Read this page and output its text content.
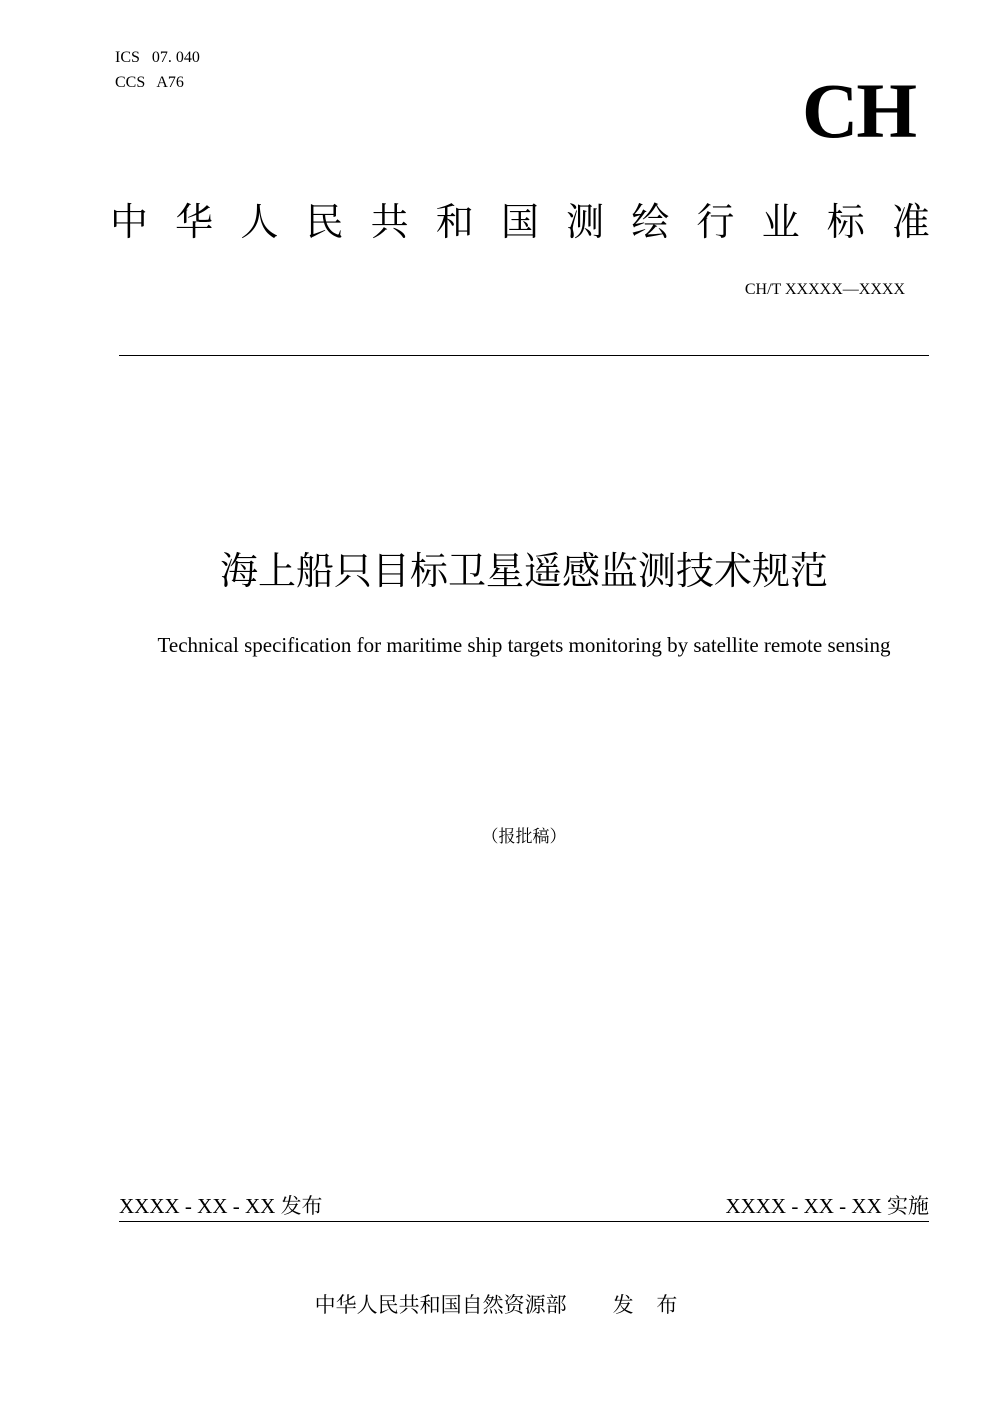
ICS   07. 040
CCS   A76	CH
中 华 人 民 共 和 国 测 绘 行 业 标 准
CH/T XXXXX—XXXX
海上船只目标卫星遥感监测技术规范
Technical specification for maritime ship targets monitoring by satellite remote sensing
（报批稿）
XXXX - XX - XX 发布	XXXX - XX - XX 实施
中华人民共和国自然资源部 发 布
